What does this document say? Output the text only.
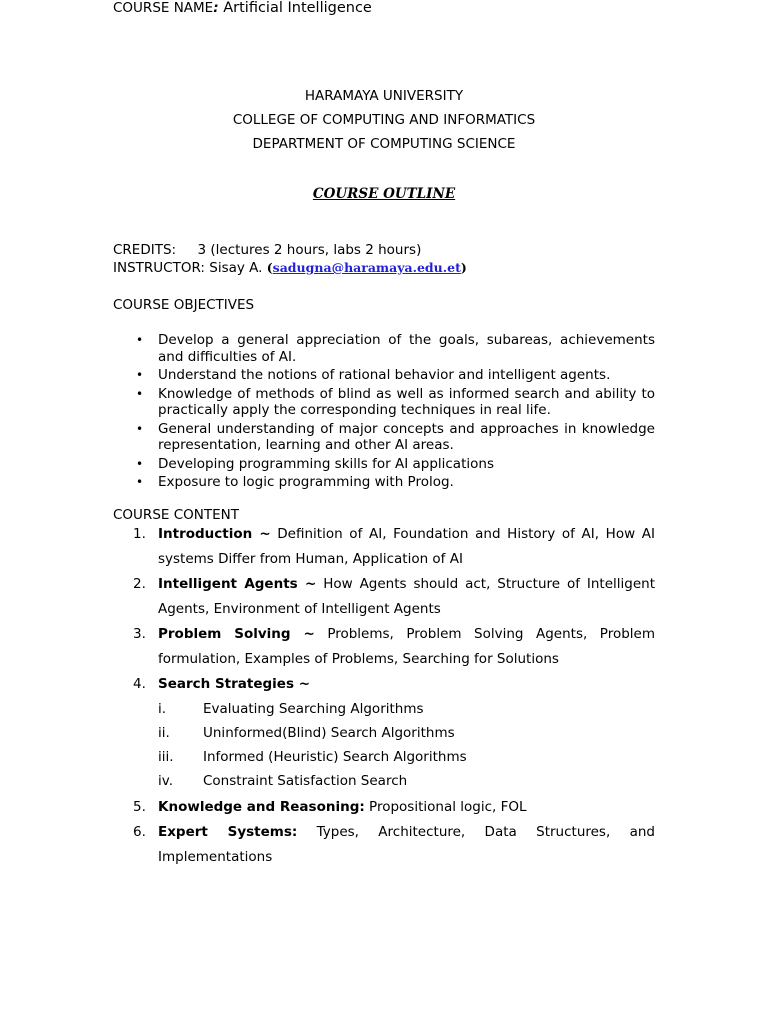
HARAMAYA UNIVERSITY
COLLEGE OF COMPUTING AND INFORMATICS
DEPARTMENT OF COMPUTING SCIENCE
COURSE OUTLINE
COURSE NAME: Artificial Intelligence
CREDITS:     3 (lectures 2 hours, labs 2 hours)
INSTRUCTOR: Sisay A. (sadugna@haramaya.edu.et)
COURSE OBJECTIVES
• Develop a general appreciation of the goals, subareas, achievements and difficulties of AI.
• Understand the notions of rational behavior and intelligent agents.
• Knowledge of methods of blind as well as informed search and ability to practically apply the corresponding techniques in real life.
• General understanding of major concepts and approaches in knowledge representation, learning and other AI areas.
• Developing programming skills for AI applications
• Exposure to logic programming with Prolog.
COURSE CONTENT
1. Introduction ~ Definition of AI, Foundation and History of AI, How AI systems Differ from Human, Application of AI
2. Intelligent Agents ~ How Agents should act, Structure of Intelligent Agents, Environment of Intelligent Agents
3. Problem Solving ~ Problems, Problem Solving Agents, Problem formulation, Examples of Problems, Searching for Solutions
4. Search Strategies ~
i.	Evaluating Searching Algorithms
ii.	Uninformed(Blind) Search Algorithms
iii.	Informed (Heuristic) Search Algorithms
iv.	Constraint Satisfaction Search
5. Knowledge and Reasoning: Propositional logic, FOL
6. Expert Systems: Types, Architecture, Data Structures, and Implementations
